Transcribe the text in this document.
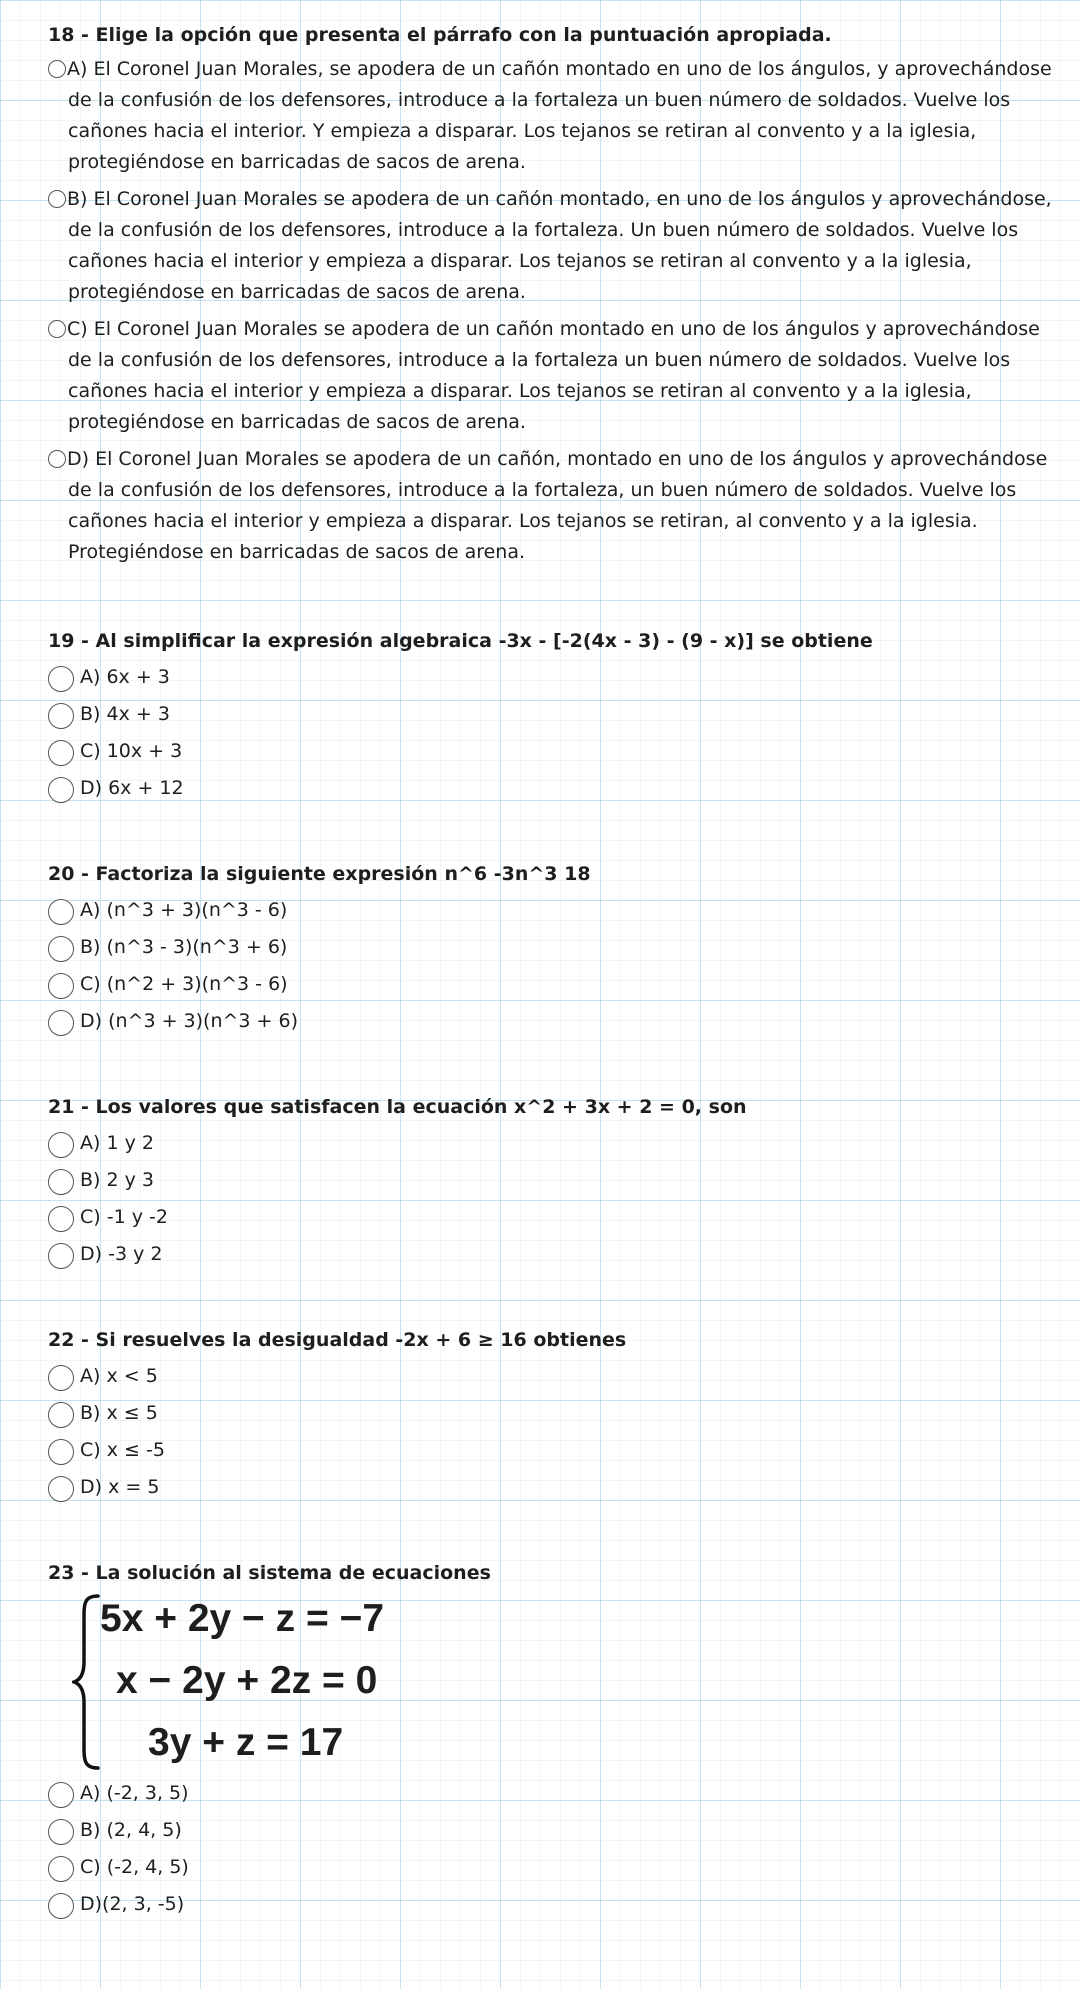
18 - Elige la opción que presenta el párrafo con la puntuación apropiada.
A) El Coronel Juan Morales, se apodera de un cañón montado en uno de los ángulos, y aprovechándose de la confusión de los defensores, introduce a la fortaleza un buen número de soldados. Vuelve los cañones hacia el interior. Y empieza a disparar. Los tejanos se retiran al convento y a la iglesia, protegiéndose en barricadas de sacos de arena.
B) El Coronel Juan Morales se apodera de un cañón montado, en uno de los ángulos y aprovechándose, de la confusión de los defensores, introduce a la fortaleza. Un buen número de soldados. Vuelve los cañones hacia el interior y empieza a disparar. Los tejanos se retiran al convento y a la iglesia, protegiéndose en barricadas de sacos de arena.
C) El Coronel Juan Morales se apodera de un cañón montado en uno de los ángulos y aprovechándose de la confusión de los defensores, introduce a la fortaleza un buen número de soldados. Vuelve los cañones hacia el interior y empieza a disparar. Los tejanos se retiran al convento y a la iglesia, protegiéndose en barricadas de sacos de arena.
D) El Coronel Juan Morales se apodera de un cañón, montado en uno de los ángulos y aprovechándose de la confusión de los defensores, introduce a la fortaleza, un buen número de soldados. Vuelve los cañones hacia el interior y empieza a disparar. Los tejanos se retiran, al convento y a la iglesia. Protegiéndose en barricadas de sacos de arena.
19 - Al simplificar la expresión algebraica -3x - [-2(4x - 3) - (9 - x)] se obtiene
A) 6x + 3
B) 4x + 3
C) 10x + 3
D) 6x + 12
20 - Factoriza la siguiente expresión n^6 -3n^3 18
A) (n^3 + 3)(n^3 - 6)
B) (n^3 - 3)(n^3 + 6)
C) (n^2 + 3)(n^3 - 6)
D) (n^3 + 3)(n^3 + 6)
21 - Los valores que satisfacen la ecuación x^2 + 3x + 2 = 0, son
A) 1 y 2
B) 2 y 3
C) -1 y -2
D) -3 y 2
22 - Si resuelves la desigualdad -2x + 6 ≥ 16 obtienes
A) x < 5
B) x ≤ 5
C) x ≤ -5
D) x = 5
23 - La solución al sistema de ecuaciones
5x + 2y − z = −7
x − 2y + 2z = 0
3y + z = 17
A) (-2, 3, 5)
B) (2, 4, 5)
C) (-2, 4, 5)
D)(2, 3, -5)
